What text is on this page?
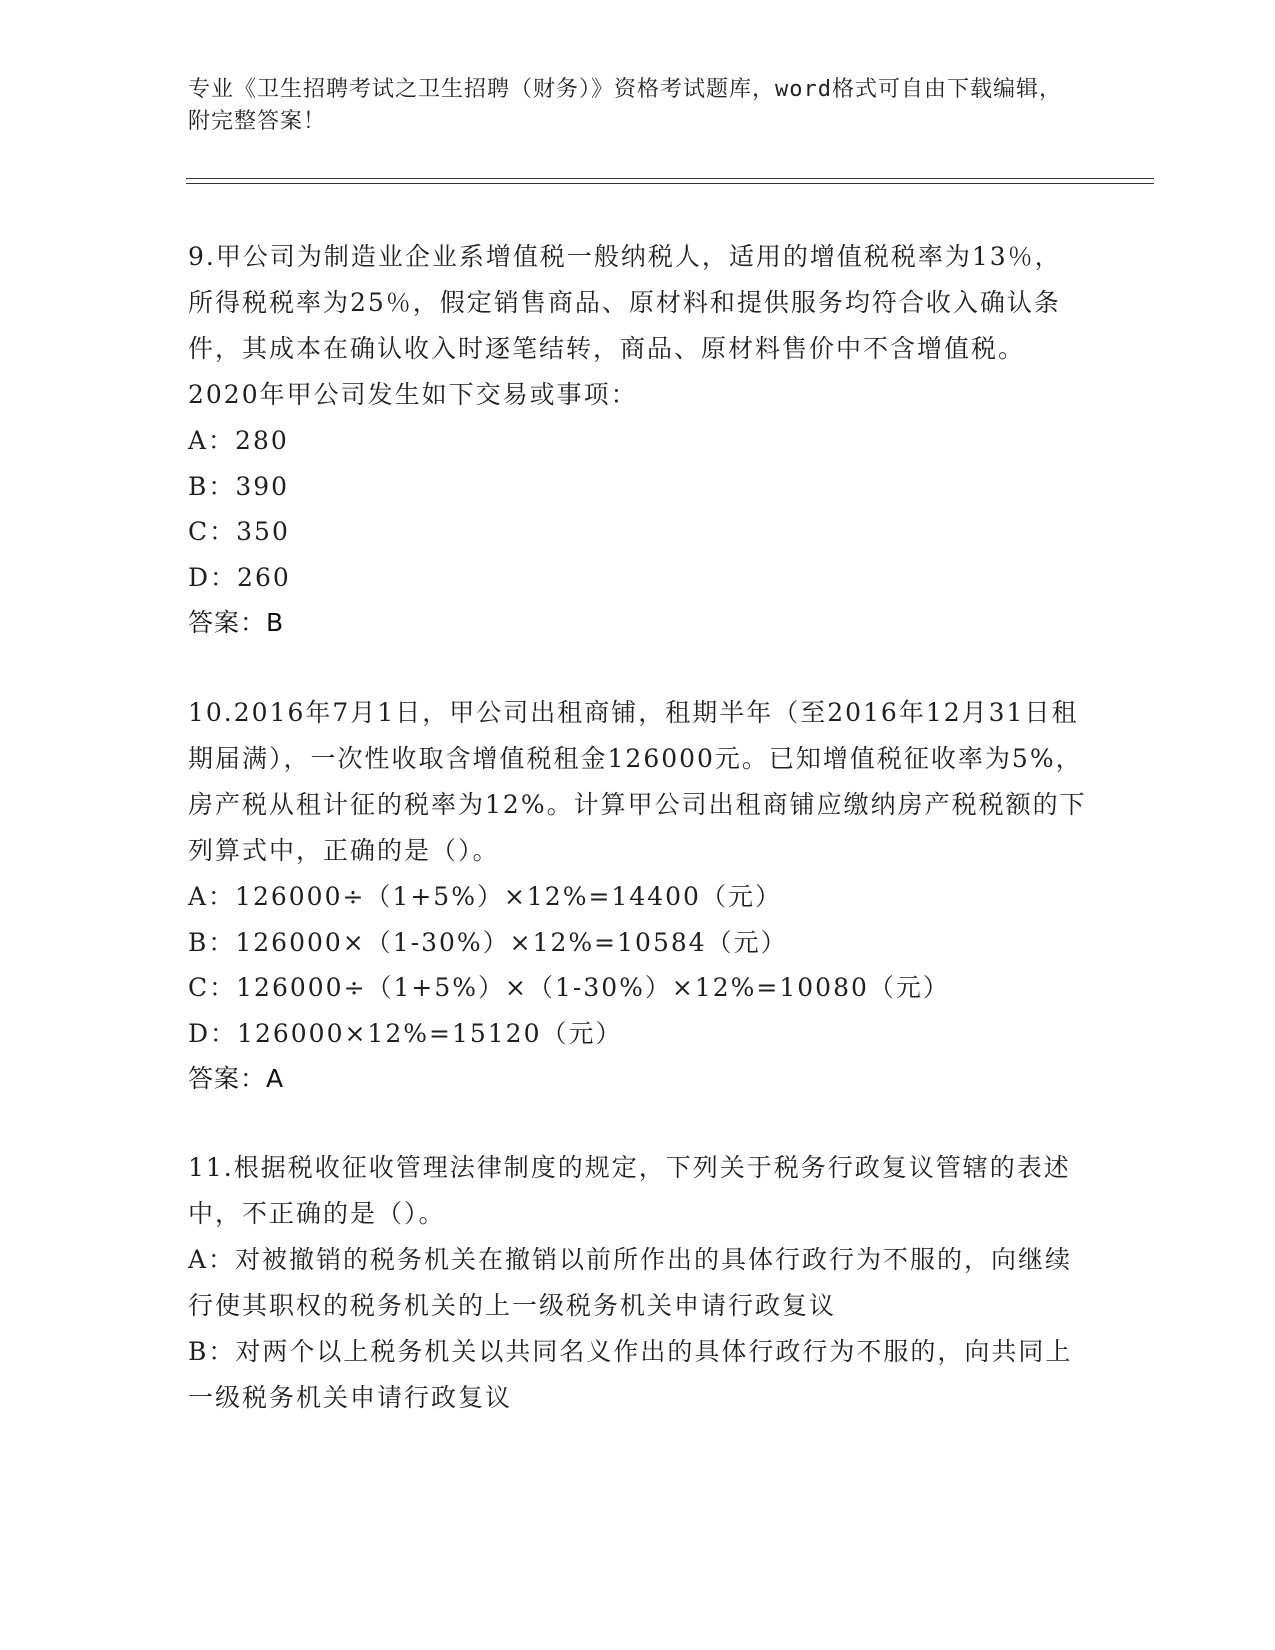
专业《卫生招聘考试之卫生招聘（财务）》资格考试题库，word格式可自由下载编辑，附完整答案！

9.甲公司为制造业企业系增值税一般纳税人，适用的增值税税率为13％，所得税税率为25％，假定销售商品、原材料和提供服务均符合收入确认条件，其成本在确认收入时逐笔结转，商品、原材料售价中不含增值税。2020年甲公司发生如下交易或事项：

A：280

B：390

C：350

D：260

答案：B

10.2016年7月1日，甲公司出租商铺，租期半年（至2016年12月31日租期届满），一次性收取含增值税租金126000元。已知增值税征收率为5%，房产税从租计征的税率为12%。计算甲公司出租商铺应缴纳房产税税额的下列算式中，正确的是（）。

A：126000÷（1+5%）×12%=14400（元）

B：126000×（1-30%）×12%=10584（元）

C：126000÷（1+5%）×（1-30%）×12%=10080（元）

D：126000×12%=15120（元）

答案：A

11.根据税收征收管理法律制度的规定，下列关于税务行政复议管辖的表述中，不正确的是（）。

A：对被撤销的税务机关在撤销以前所作出的具体行政行为不服的，向继续行使其职权的税务机关的上一级税务机关申请行政复议

B：对两个以上税务机关以共同名义作出的具体行政行为不服的，向共同上一级税务机关申请行政复议
